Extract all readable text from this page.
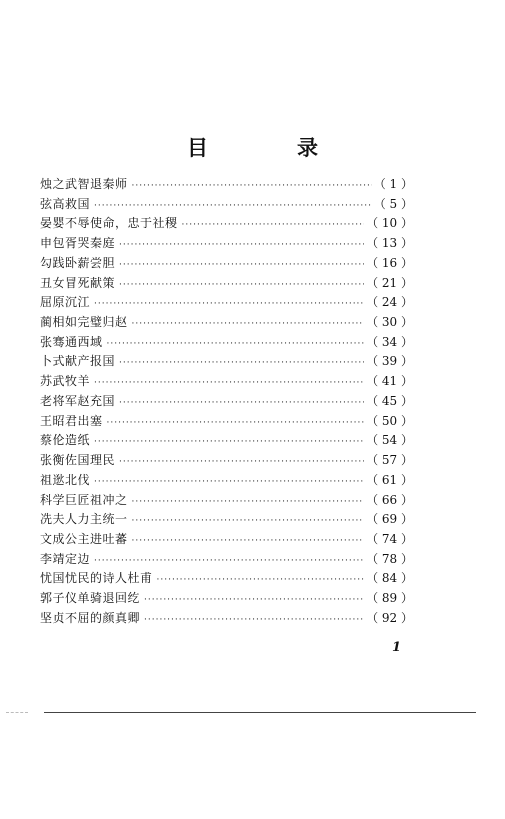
目　录
烛之武智退秦师 ·····	（ 1 ）
弦高救国 ·····	（ 5 ）
晏婴不辱使命，忠于社稷 ·····	（ 10 ）
申包胥哭秦庭 ·····	（ 13 ）
勾践卧薪尝胆 ·····	（ 16 ）
丑女冒死献策 ·····	（ 21 ）
屈原沉江 ·····	（ 24 ）
蔺相如完璧归赵 ·····	（ 30 ）
张骞通西域 ·····	（ 34 ）
卜式献产报国 ·····	（ 39 ）
苏武牧羊 ·····	（ 41 ）
老将军赵充国 ·····	（ 45 ）
王昭君出塞 ·····	（ 50 ）
蔡伦造纸 ·····	（ 54 ）
张衡佐国理民 ·····	（ 57 ）
祖逖北伐 ·····	（ 61 ）
科学巨匠祖冲之 ·····	（ 66 ）
冼夫人力主统一 ·····	（ 69 ）
文成公主进吐蕃 ·····	（ 74 ）
李靖定边 ·····	（ 78 ）
忧国忧民的诗人杜甫 ·····	（ 84 ）
郭子仪单骑退回纥 ·····	（ 89 ）
坚贞不屈的颜真卿 ·····	（ 92 ）
1
